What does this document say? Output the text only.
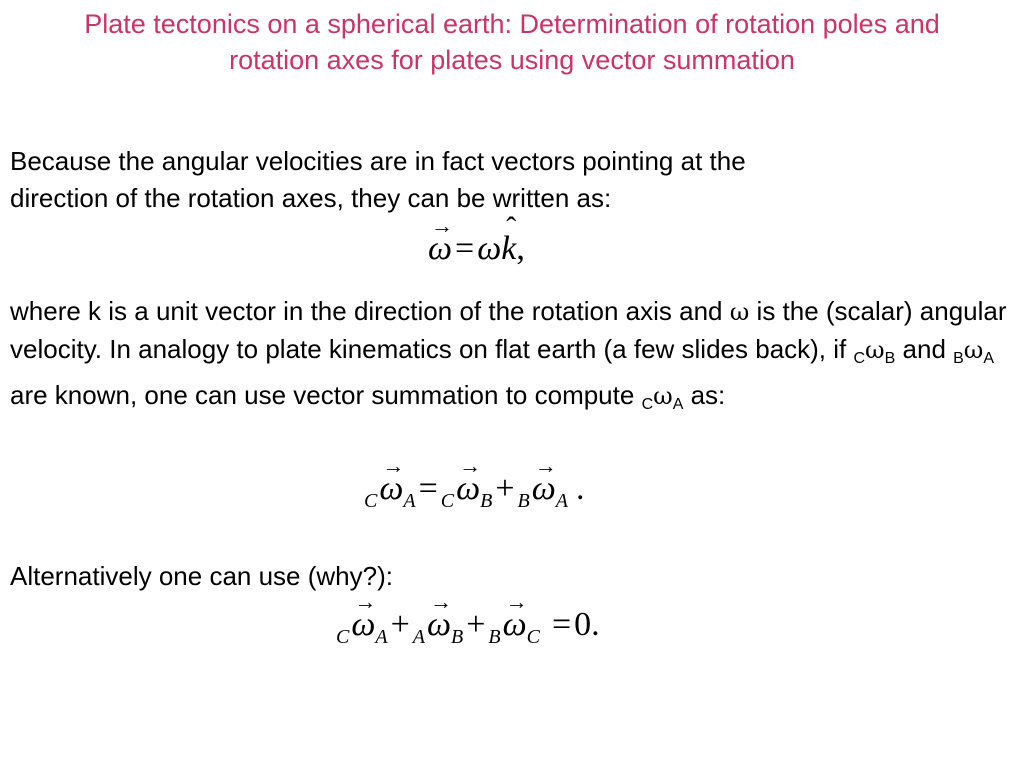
Plate tectonics on a spherical earth: Determination of rotation poles and
rotation axes for plates using vector summation
Because the angular velocities are in fact vectors pointing at the
direction of the rotation axes, they can be written as:
→ ω=ωˆ k,
where k is a unit vector in the direction of the rotation axis and ω is the (scalar) angular velocity. In analogy to plate kinematics on flat earth (a few slides back), if $_C\omega_B$ and $_B\omega_A$ are known, one can use vector summation to compute $_C\omega_A$ as:
$_C\to \omega_A= _C\to \omega_B+ _B\to \omega_A$ .
Alternatively one can use (why?):
$_C\to \omega_A+ _A\to \omega_B+ _B\to \omega_C =0$.
